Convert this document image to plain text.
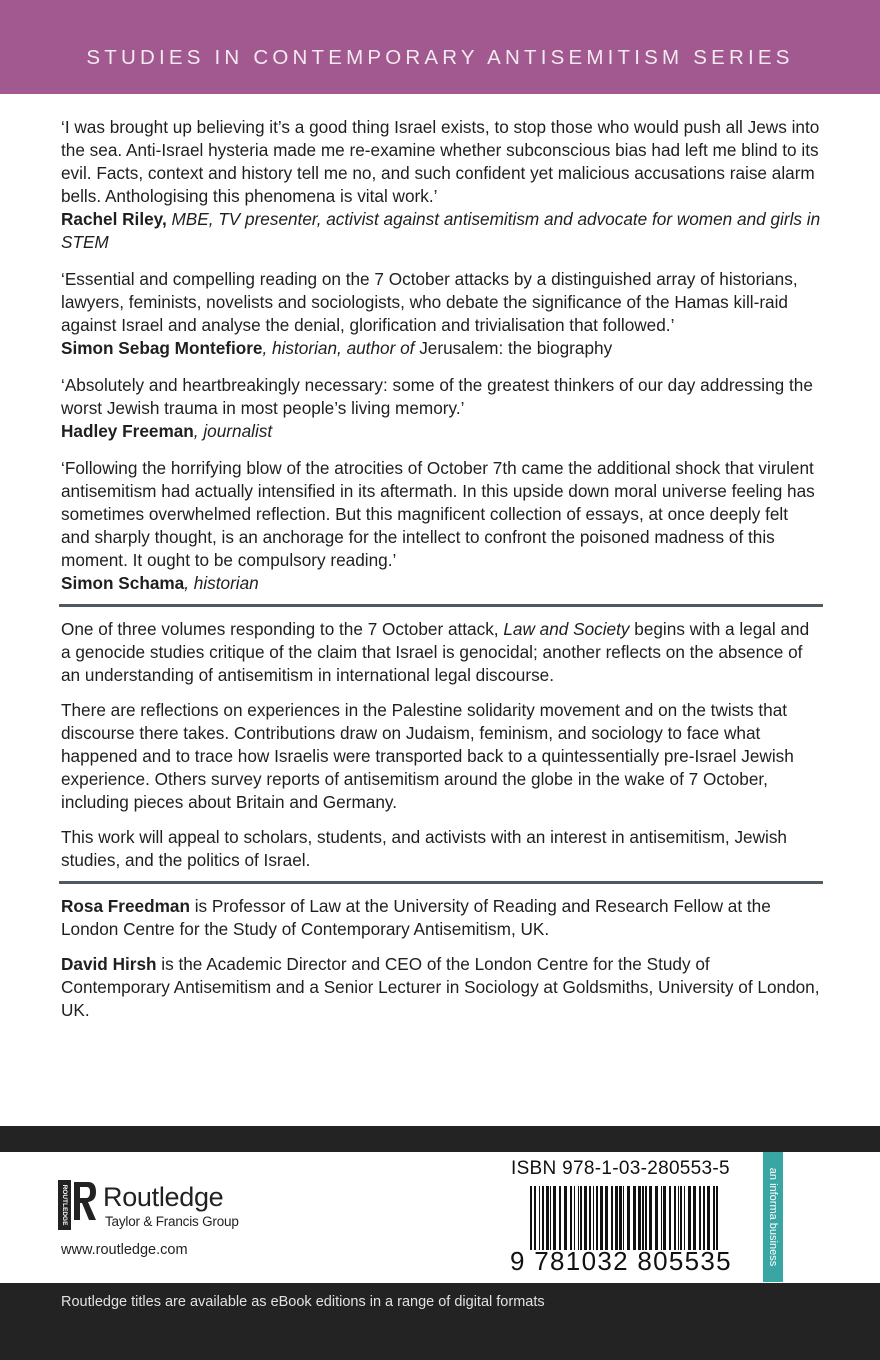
STUDIES IN CONTEMPORARY ANTISEMITISM SERIES

‘I was brought up believing it’s a good thing Israel exists, to stop those who would push all Jews into the sea. Anti-Israel hysteria made me re-examine whether subconscious bias had left me blind to its evil. Facts, context and history tell me no, and such confident yet malicious accusations raise alarm bells. Anthologising this phenomena is vital work.’

Rachel Riley, MBE, TV presenter, activist against antisemitism and advocate for women and girls in STEM

‘Essential and compelling reading on the 7 October attacks by a distinguished array of historians, lawyers, feminists, novelists and sociologists, who debate the significance of the Hamas kill-raid against Israel and analyse the denial, glorification and trivialisation that followed.’

Simon Sebag Montefiore, historian, author of Jerusalem: the biography

‘Absolutely and heartbreakingly necessary: some of the greatest thinkers of our day addressing the worst Jewish trauma in most people’s living memory.’

Hadley Freeman, journalist

‘Following the horrifying blow of the atrocities of October 7th came the additional shock that virulent antisemitism had actually intensified in its aftermath. In this upside down moral universe feeling has sometimes overwhelmed reflection. But this magnificent collection of essays, at once deeply felt and sharply thought, is an anchorage for the intellect to confront the poisoned madness of this moment. It ought to be compulsory reading.’

Simon Schama, historian

One of three volumes responding to the 7 October attack, Law and Society begins with a legal and a genocide studies critique of the claim that Israel is genocidal; another reflects on the absence of an understanding of antisemitism in international legal discourse.

There are reflections on experiences in the Palestine solidarity movement and on the twists that discourse there takes. Contributions draw on Judaism, feminism, and sociology to face what happened and to trace how Israelis were transported back to a quintessentially pre-Israel Jewish experience. Others survey reports of antisemitism around the globe in the wake of 7 October, including pieces about Britain and Germany.

This work will appeal to scholars, students, and activists with an interest in antisemitism, Jewish studies, and the politics of Israel.

Rosa Freedman is Professor of Law at the University of Reading and Research Fellow at the London Centre for the Study of Contemporary Antisemitism, UK.

David Hirsh is the Academic Director and CEO of the London Centre for the Study of Contemporary Antisemitism and a Senior Lecturer in Sociology at Goldsmiths, University of London, UK.

ROUTLEDGE Routledge
Taylor & Francis Group
www.routledge.com
ISBN 978-1-03-280553-5
9 781032 805535	an informa business
Routledge titles are available as eBook editions in a range of digital formats
